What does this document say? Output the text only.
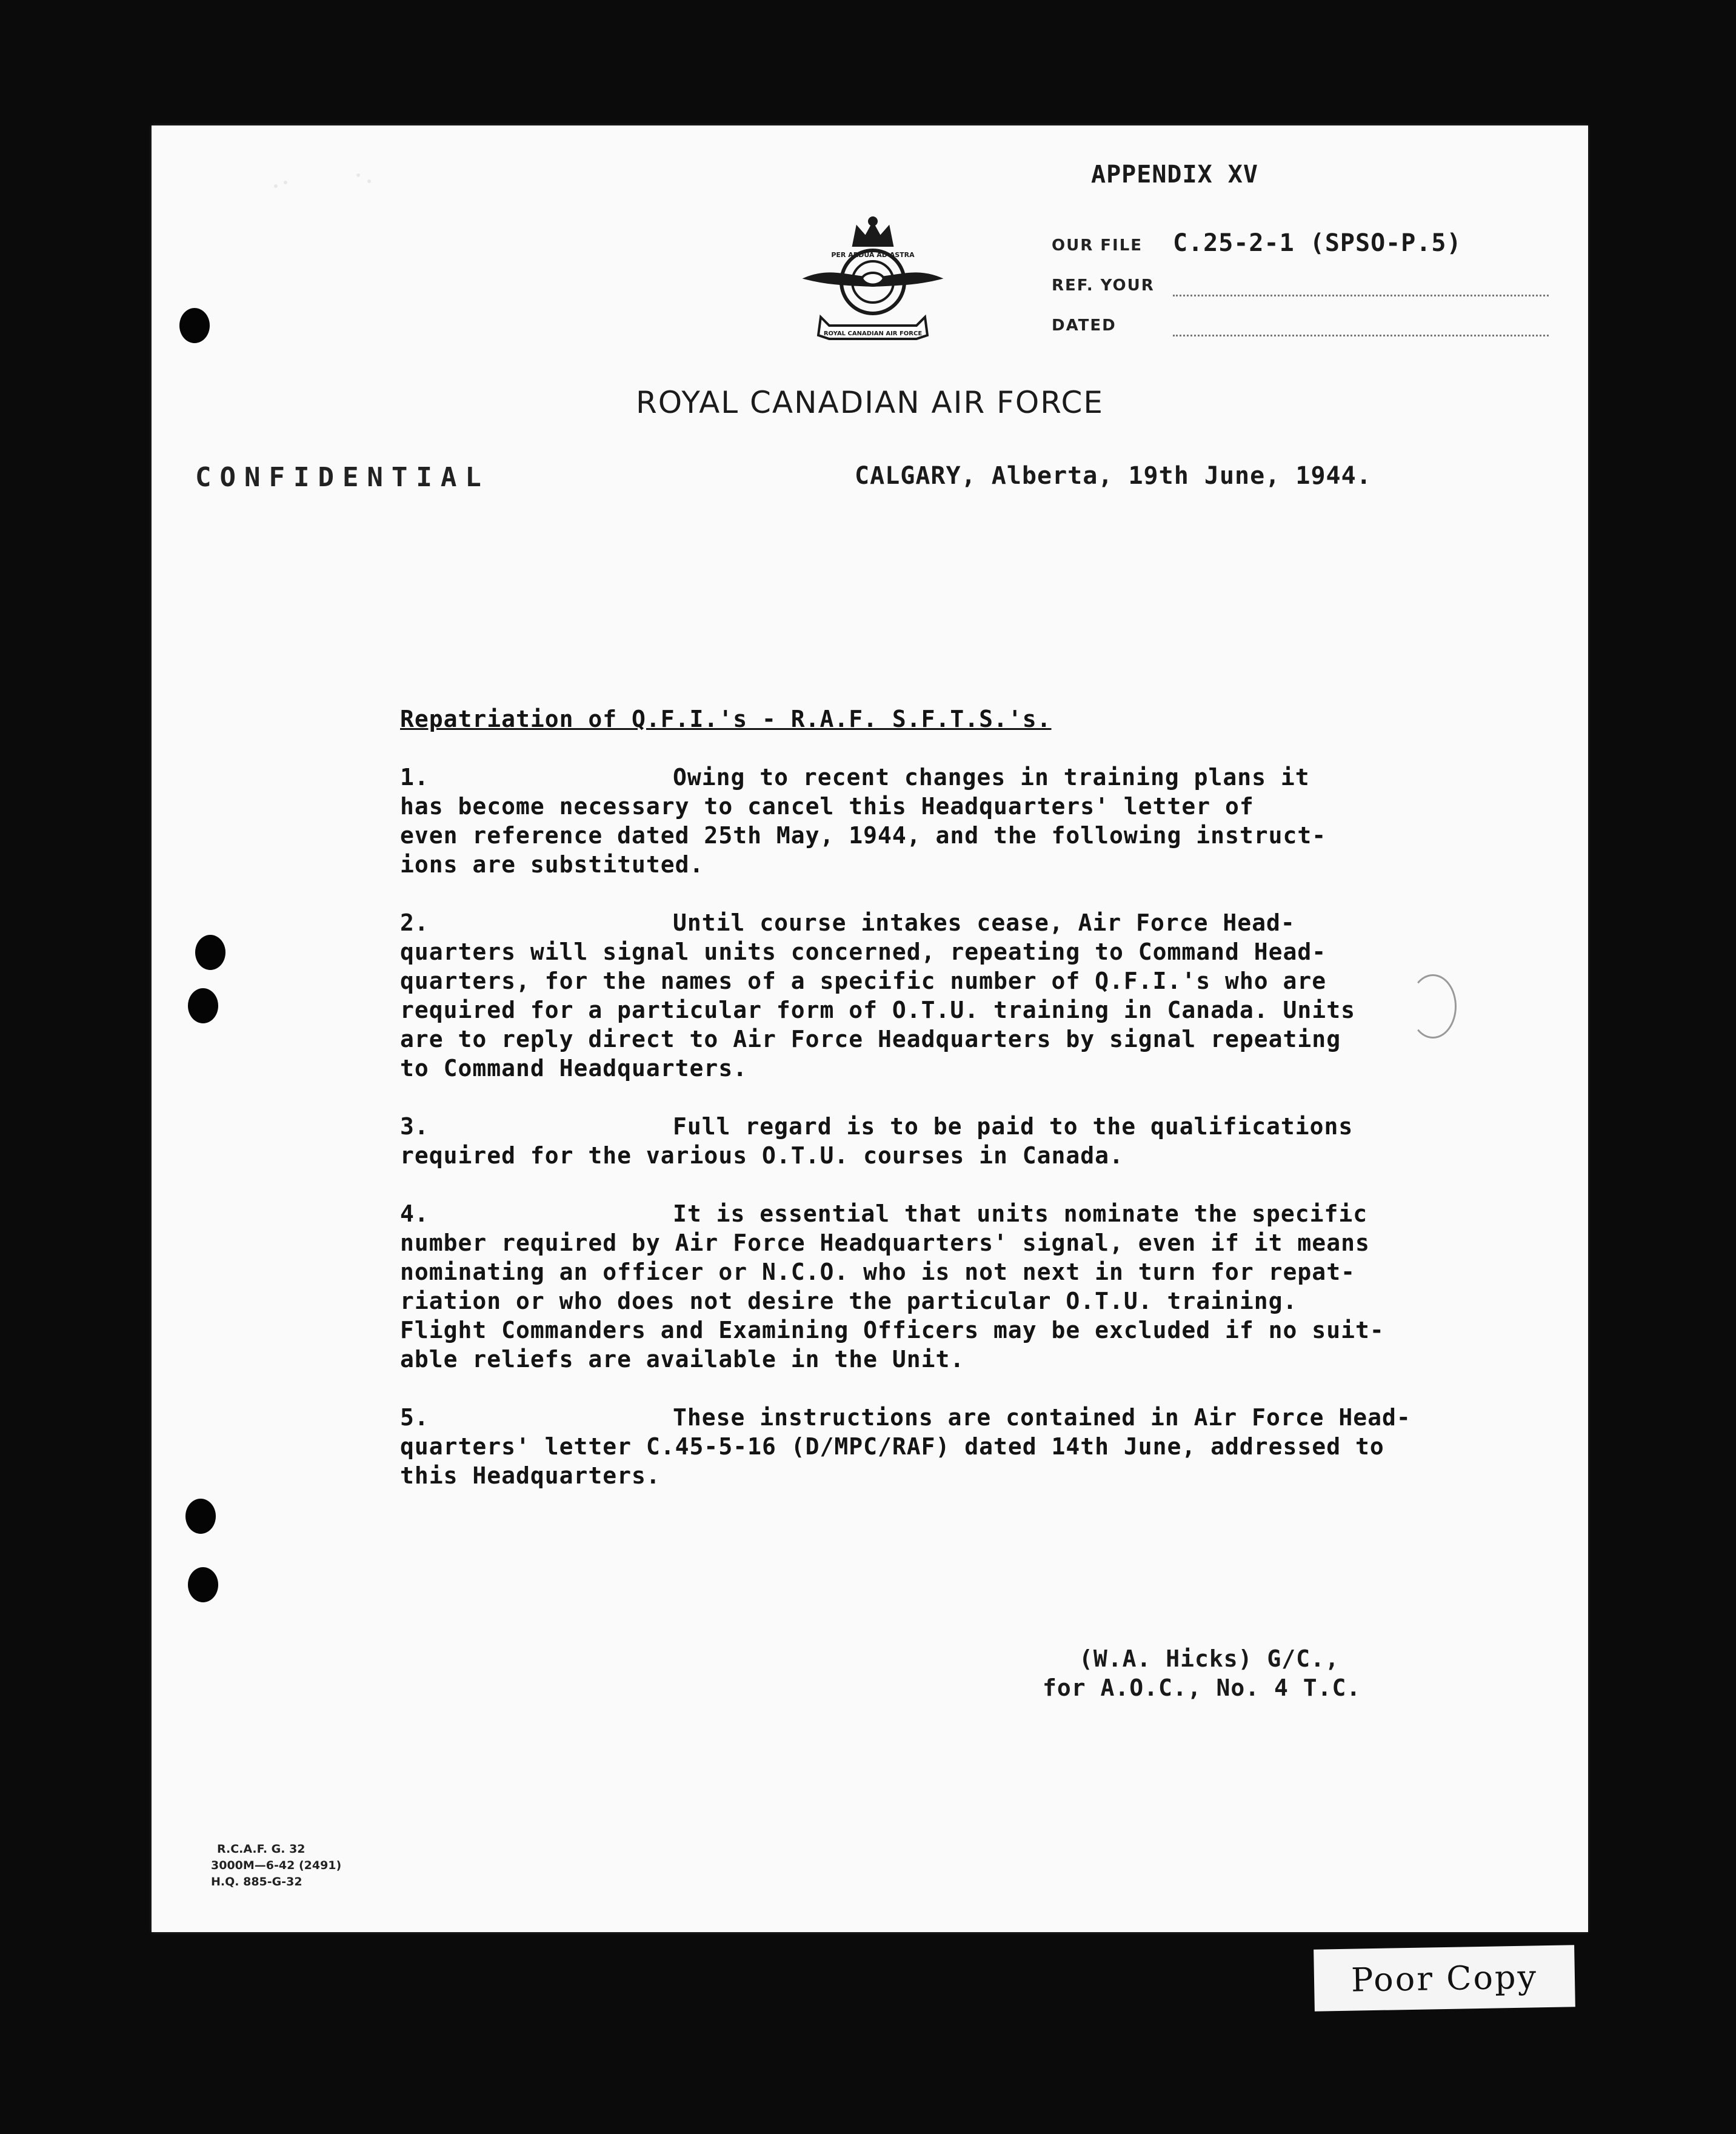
APPENDIX XV
PER ARDUA AD ASTRA
ROYAL CANADIAN AIR FORCE
OUR FILE C.25-2-1 (SPSO-P.5)
REF. YOUR
DATED
ROYAL CANADIAN AIR FORCE
CONFIDENTIAL	CALGARY, Alberta, 19th June, 1944.
Repatriation of Q.F.I.'s - R.A.F. S.F.T.S.'s.
1.	Owing to recent changes in training plans it
has become necessary to cancel this Headquarters' letter of
even reference dated 25th May, 1944, and the following instruct-
ions are substituted.
2.	Until course intakes cease, Air Force Head-
quarters will signal units concerned, repeating to Command Head-
quarters, for the names of a specific number of Q.F.I.'s who are
required for a particular form of O.T.U. training in Canada. Units
are to reply direct to Air Force Headquarters by signal repeating
to Command Headquarters.
3.	Full regard is to be paid to the qualifications
required for the various O.T.U. courses in Canada.
4.	It is essential that units nominate the specific
number required by Air Force Headquarters' signal, even if it means
nominating an officer or N.C.O. who is not next in turn for repat-
riation or who does not desire the particular O.T.U. training.
Flight Commanders and Examining Officers may be excluded if no suit-
able reliefs are available in the Unit.
5.	These instructions are contained in Air Force Head-
quarters' letter C.45-5-16 (D/MPC/RAF) dated 14th June, addressed to
this Headquarters.
(W.A. Hicks) G/C.,
for A.O.C., No. 4 T.C.
R.C.A.F. G. 32
3000M—6-42 (2491)
H.Q. 885-G-32
Poor Copy
